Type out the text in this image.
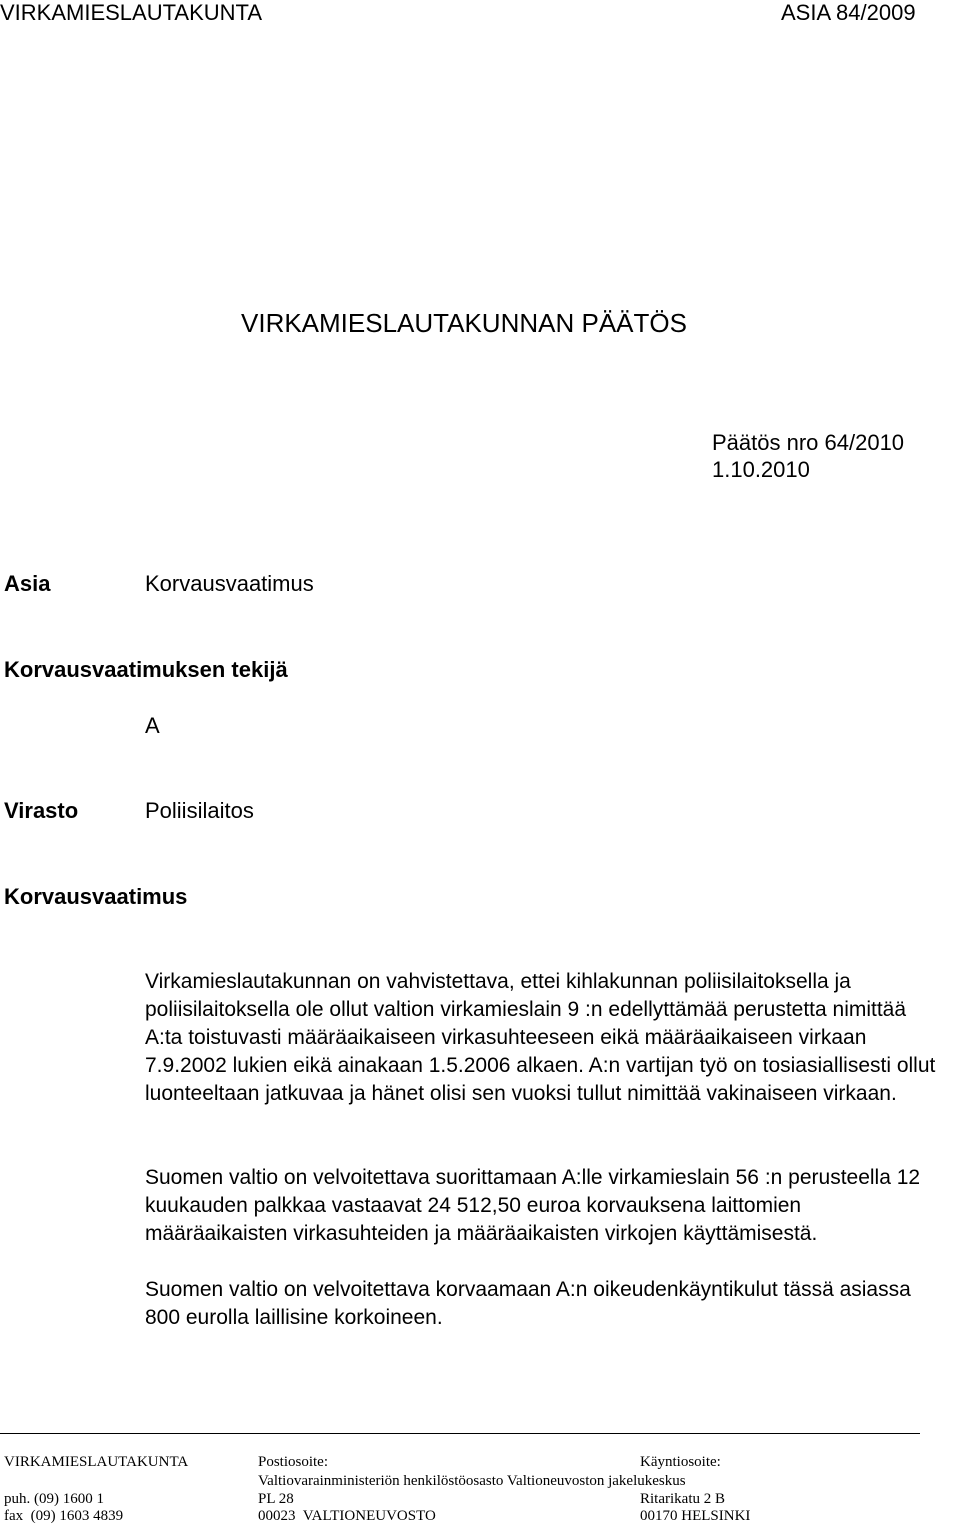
VIRKAMIESLAUTAKUNTA	ASIA 84/2009
VIRKAMIESLAUTAKUNNAN PÄÄTÖS
Päätös nro 64/2010
1.10.2010
Asia	Korvausvaatimus
Korvausvaatimuksen tekijä
A
Virasto	Poliisilaitos
Korvausvaatimus
Virkamieslautakunnan on vahvistettava, ettei kihlakunnan poliisilaitoksella ja poliisilaitoksella ole ollut valtion virkamieslain 9 :n edellyttämää perustetta nimittää A:ta toistuvasti määräaikaiseen virkasuhteeseen eikä määräaikaiseen virkaan 7.9.2002 lukien eikä ainakaan 1.5.2006 alkaen. A:n vartijan työ on tosiasiallisesti ollut luonteeltaan jatkuvaa ja hänet olisi sen vuoksi tullut nimittää vakinaiseen virkaan.
Suomen valtio on velvoitettava suorittamaan A:lle virkamieslain 56 :n perusteella 12 kuukauden palkkaa vastaavat 24 512,50 euroa korvauksena laittomien määräaikaisten virkasuhteiden ja määräaikaisten virkojen käyttämisestä.
Suomen valtio on velvoitettava korvaamaan A:n oikeudenkäyntikulut tässä asiassa 800 eurolla laillisine korkoineen.
VIRKAMIESLAUTAKUNTA	Postiosoite:	Käyntiosoite:
Valtiovarainministeriön henkilöstöosasto Valtioneuvoston jakelukeskus
puh. (09) 1600 1	PL 28	Ritarikatu 2 B
fax  (09) 1603 4839	00023  VALTIONEUVOSTO	00170 HELSINKI
